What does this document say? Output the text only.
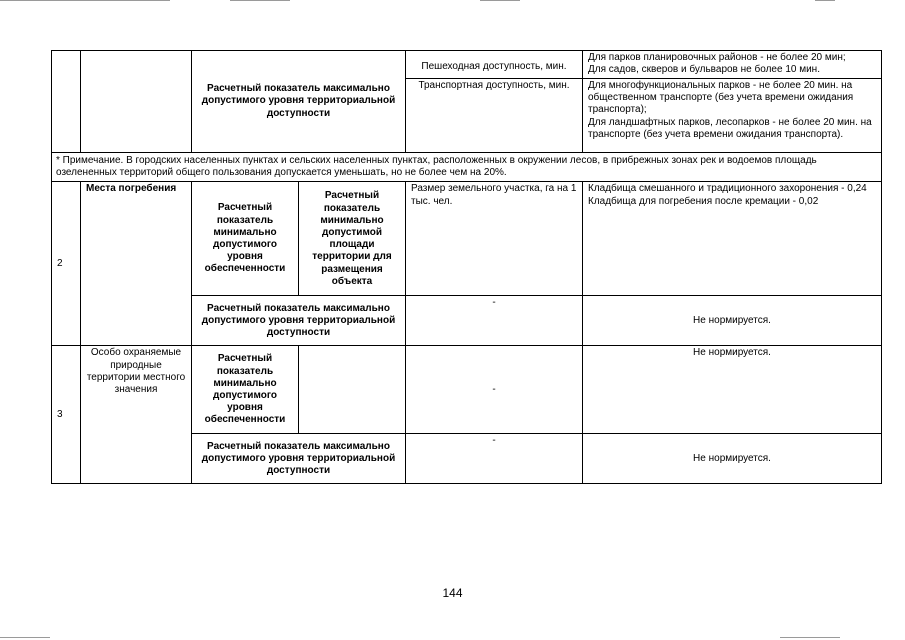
		Расчетный показатель максимально допустимого уровня территориальной доступности		Пешеходная доступность, мин.	Для парков планировочных районов - не более 20 мин;
Для садов, скверов и бульваров не более 10 мин.
				Транспортная доступность, мин.	Для многофункциональных парков - не более 20 мин. на общественном транспорте (без учета времени ожидания транспорта);
Для ландшафтных парков, лесопарков - не более 20 мин. на транспорте (без учета времени ожидания транспорта).
* Примечание. В городских населенных пунктах и сельских населенных пунктах, расположенных в окружении лесов, в прибрежных зонах рек и водоемов площадь озелененных территорий общего пользования допускается уменьшать, но не более чем на 20%.					
2	Места погребения	Расчетный показатель минимально допустимого уровня обеспеченности	Расчетный показатель минимально допустимой площади территории для размещения объекта	Размер земельного участка, га на 1 тыс. чел.	Кладбища смешанного и традиционного захоронения - 0,24
Кладбища для погребения после кремации - 0,02
		Расчетный показатель максимально допустимого уровня территориальной доступности		-	Не нормируется.
3	Особо охраняемые природные территории местного значения	Расчетный показатель минимально допустимого уровня обеспеченности		-	Не нормируется.
		Расчетный показатель максимально допустимого уровня территориальной доступности		-	Не нормируется.
144
